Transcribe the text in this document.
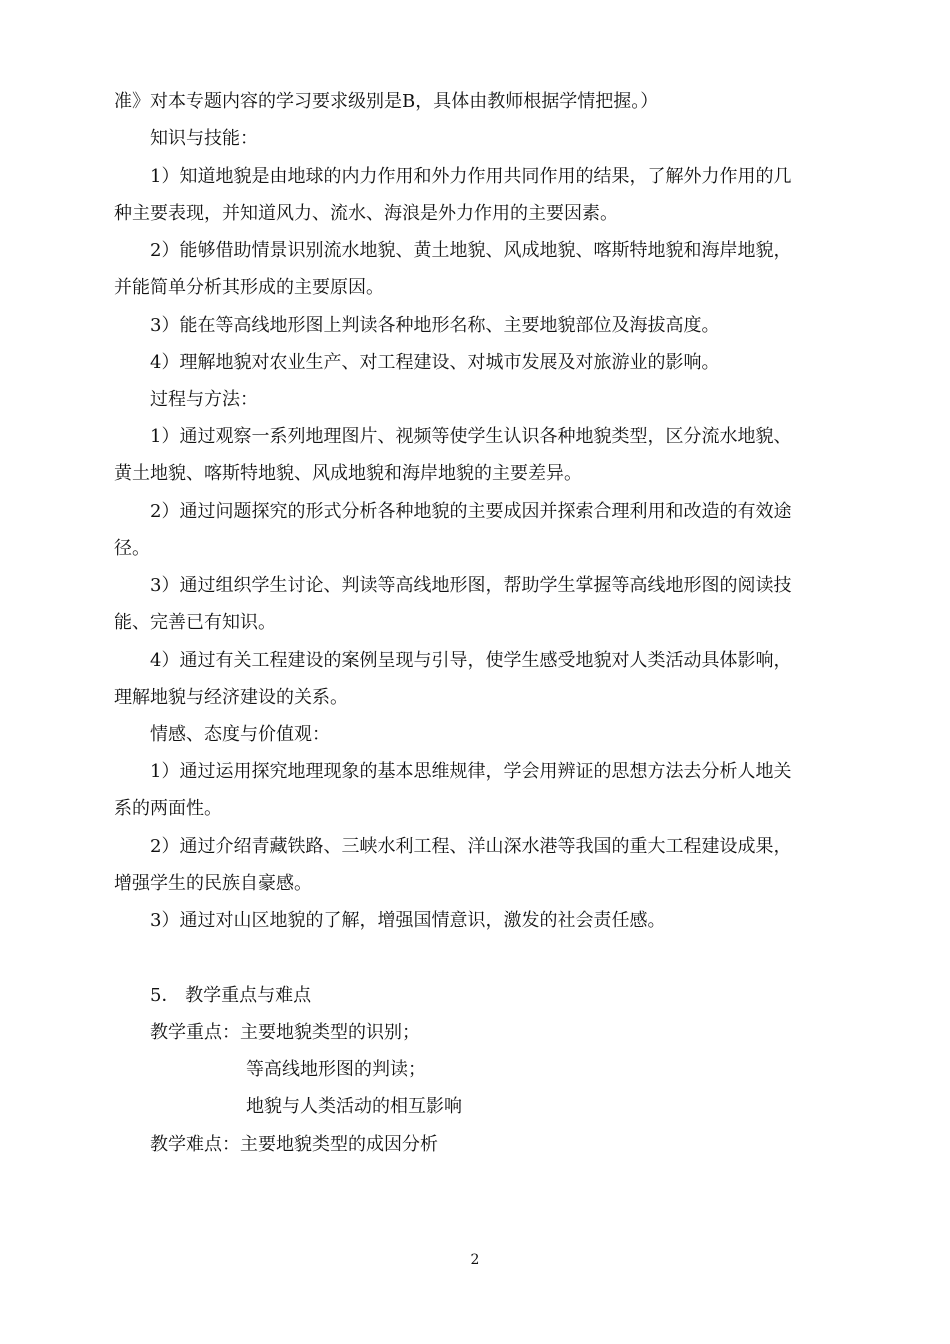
准》对本专题内容的学习要求级别是B，具体由教师根据学情把握。）
知识与技能：
1）知道地貌是由地球的内力作用和外力作用共同作用的结果，了解外力作用的几
种主要表现，并知道风力、流水、海浪是外力作用的主要因素。
2）能够借助情景识别流水地貌、黄土地貌、风成地貌、喀斯特地貌和海岸地貌，
并能简单分析其形成的主要原因。
3）能在等高线地形图上判读各种地形名称、主要地貌部位及海拔高度。
4）理解地貌对农业生产、对工程建设、对城市发展及对旅游业的影响。
过程与方法：
1）通过观察一系列地理图片、视频等使学生认识各种地貌类型，区分流水地貌、
黄土地貌、喀斯特地貌、风成地貌和海岸地貌的主要差异。
2）通过问题探究的形式分析各种地貌的主要成因并探索合理利用和改造的有效途
径。
3）通过组织学生讨论、判读等高线地形图，帮助学生掌握等高线地形图的阅读技
能、完善已有知识。
4）通过有关工程建设的案例呈现与引导，使学生感受地貌对人类活动具体影响，
理解地貌与经济建设的关系。
情感、态度与价值观：
1）通过运用探究地理现象的基本思维规律，学会用辨证的思想方法去分析人地关
系的两面性。
2）通过介绍青藏铁路、三峡水利工程、洋山深水港等我国的重大工程建设成果，
增强学生的民族自豪感。
3）通过对山区地貌的了解，增强国情意识，激发的社会责任感。
5． 教学重点与难点
教学重点：主要地貌类型的识别；
等高线地形图的判读；
地貌与人类活动的相互影响
教学难点：主要地貌类型的成因分析
2
